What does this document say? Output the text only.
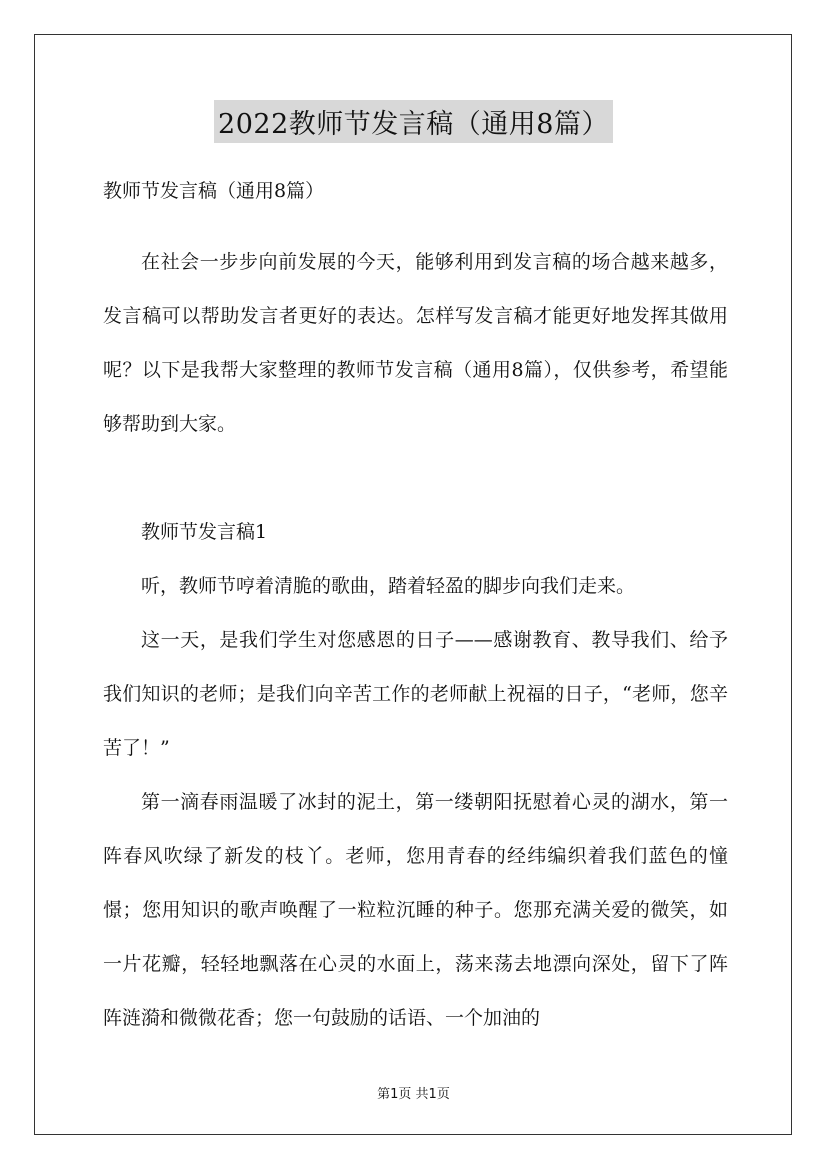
2022教师节发言稿（通用8篇）

教师节发言稿（通用8篇）

在社会一步步向前发展的今天，能够利用到发言稿的场合越来越多，发言稿可以帮助发言者更好的表达。怎样写发言稿才能更好地发挥其做用呢？以下是我帮大家整理的教师节发言稿（通用8篇），仅供参考，希望能够帮助到大家。

教师节发言稿1

听，教师节哼着清脆的歌曲，踏着轻盈的脚步向我们走来。

这一天，是我们学生对您感恩的日子——感谢教育、教导我们、给予我们知识的老师；是我们向辛苦工作的老师献上祝福的日子，“老师，您辛苦了！”

第一滴春雨温暖了冰封的泥土，第一缕朝阳抚慰着心灵的湖水，第一阵春风吹绿了新发的枝丫。老师，您用青春的经纬编织着我们蓝色的憧憬；您用知识的歌声唤醒了一粒粒沉睡的种子。您那充满关爱的微笑，如一片花瓣，轻轻地飘落在心灵的水面上，荡来荡去地漂向深处，留下了阵阵涟漪和微微花香；您一句鼓励的话语、一个加油的

第1页 共1页
